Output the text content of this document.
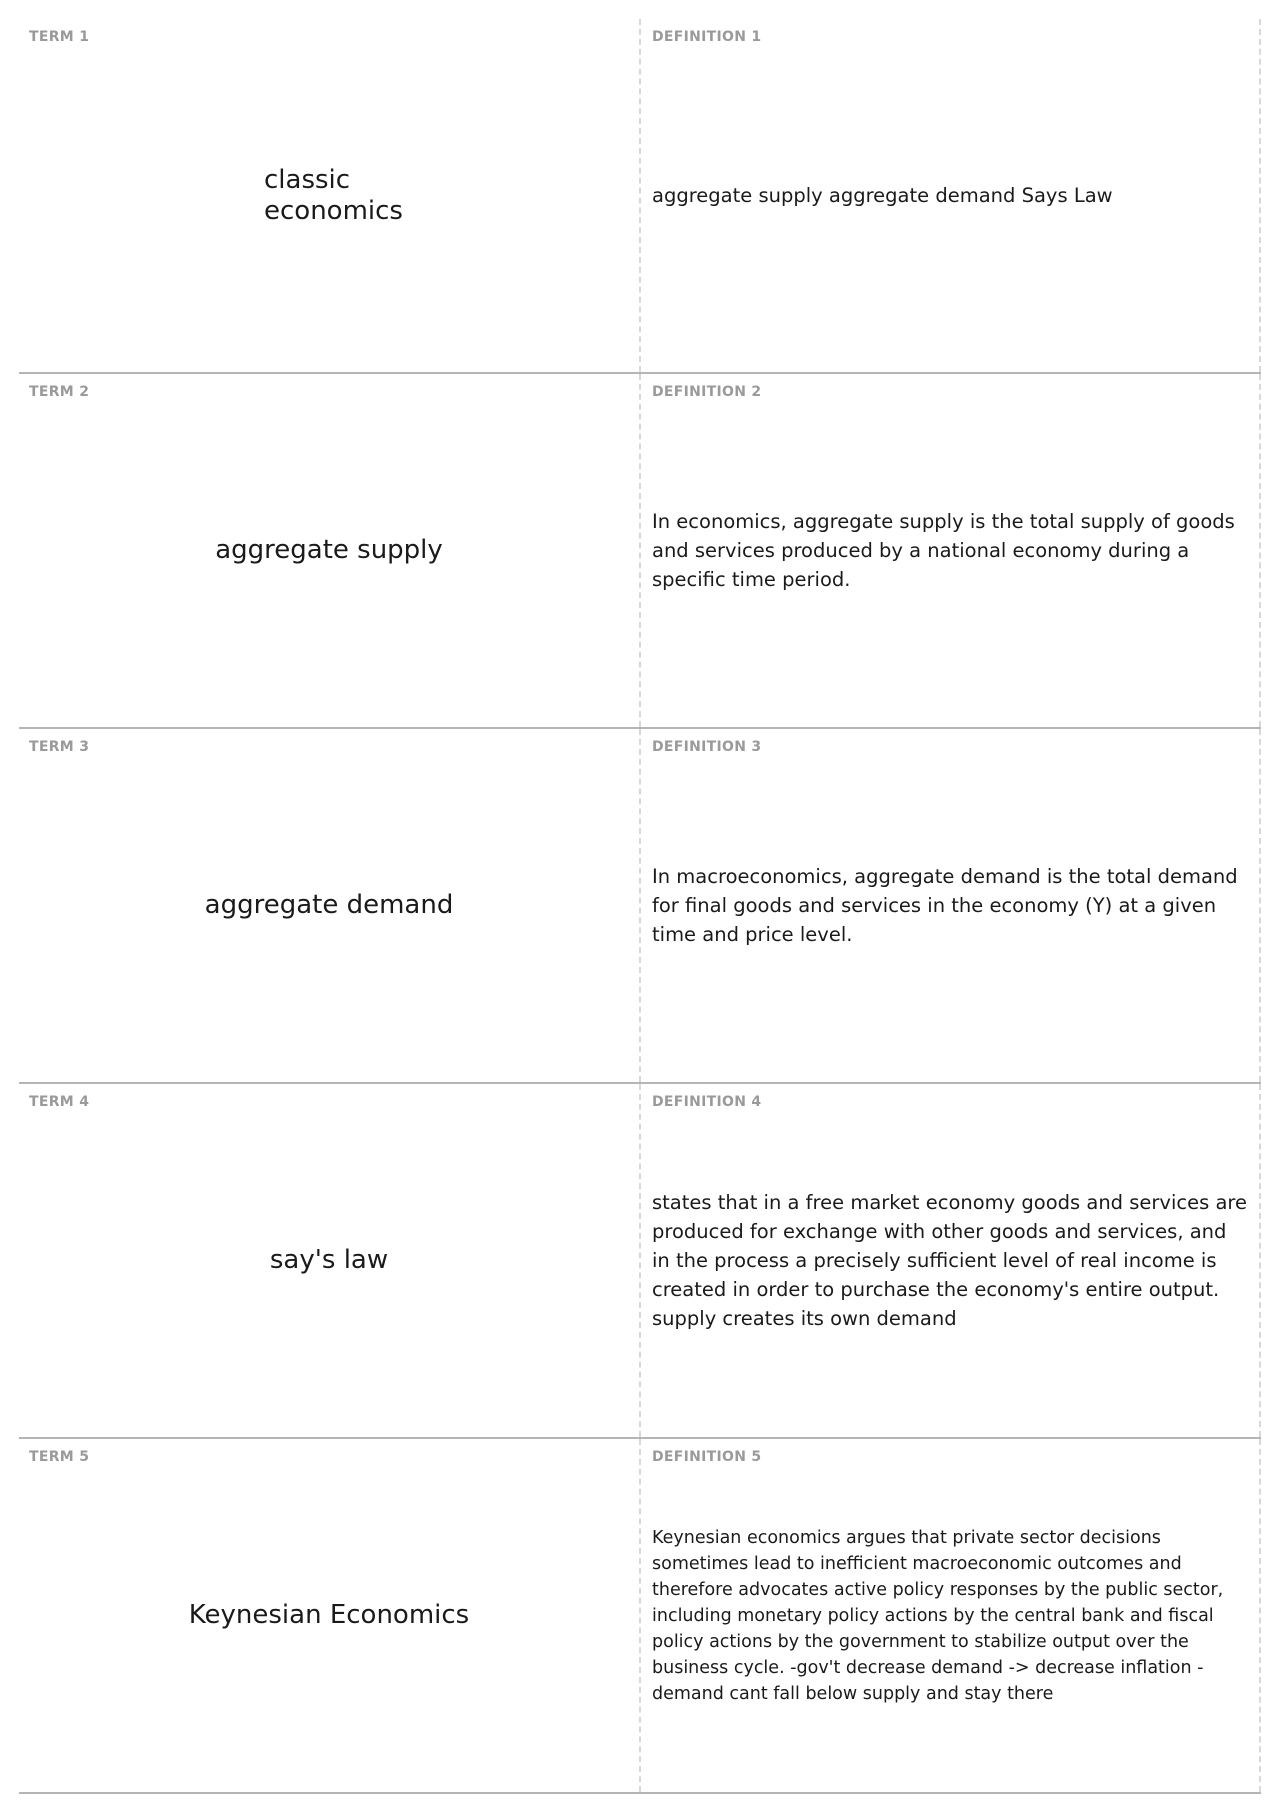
TERM 1
classic economics
DEFINITION 1
aggregate supply aggregate demand Says Law
TERM 2
aggregate supply
DEFINITION 2
In economics, aggregate supply is the total supply of goods and services produced by a national economy during a specific time period.
TERM 3
aggregate demand
DEFINITION 3
In macroeconomics, aggregate demand is the total demand for final goods and services in the economy (Y) at a given time and price level.
TERM 4
say's law
DEFINITION 4
states that in a free market economy goods and services are produced for exchange with other goods and services, and in the process a precisely sufficient level of real income is created in order to purchase the economy's entire output. supply creates its own demand
TERM 5
Keynesian Economics
DEFINITION 5
Keynesian economics argues that private sector decisions sometimes lead to inefficient macroeconomic outcomes and therefore advocates active policy responses by the public sector, including monetary policy actions by the central bank and fiscal policy actions by the government to stabilize output over the business cycle. -gov't decrease demand -> decrease inflation -demand cant fall below supply and stay there
